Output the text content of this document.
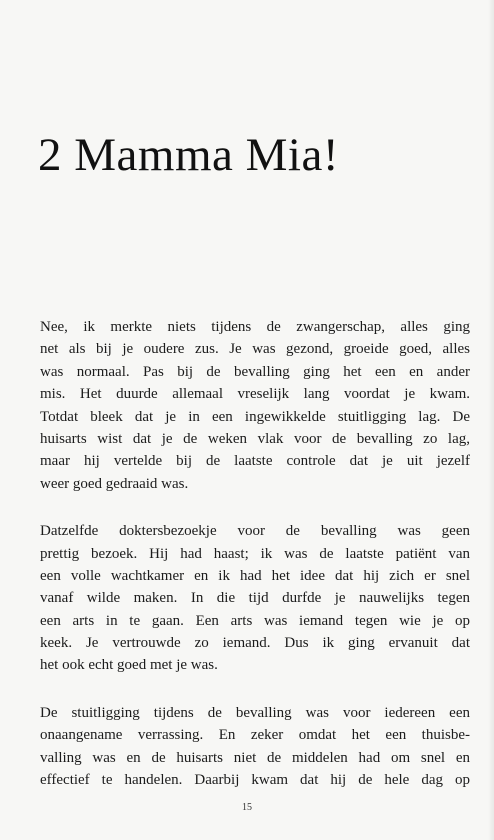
2 Mamma Mia!
Nee, ik merkte niets tijdens de zwangerschap, alles ging
net als bij je oudere zus. Je was gezond, groeide goed, alles
was normaal. Pas bij de bevalling ging het een en ander
mis. Het duurde allemaal vreselijk lang voordat je kwam.
Totdat bleek dat je in een ingewikkelde stuitligging lag. De
huisarts wist dat je de weken vlak voor de bevalling zo lag,
maar hij vertelde bij de laatste controle dat je uit jezelf
weer goed gedraaid was.
Datzelfde doktersbezoekje voor de bevalling was geen
prettig bezoek. Hij had haast; ik was de laatste patiënt van
een volle wachtkamer en ik had het idee dat hij zich er snel
vanaf wilde maken. In die tijd durfde je nauwelijks tegen
een arts in te gaan. Een arts was iemand tegen wie je op
keek. Je vertrouwde zo iemand. Dus ik ging ervanuit dat
het ook echt goed met je was.
De stuitligging tijdens de bevalling was voor iedereen een
onaangename verrassing. En zeker omdat het een thuisbe-
valling was en de huisarts niet de middelen had om snel en
effectief te handelen. Daarbij kwam dat hij de hele dag op
15
